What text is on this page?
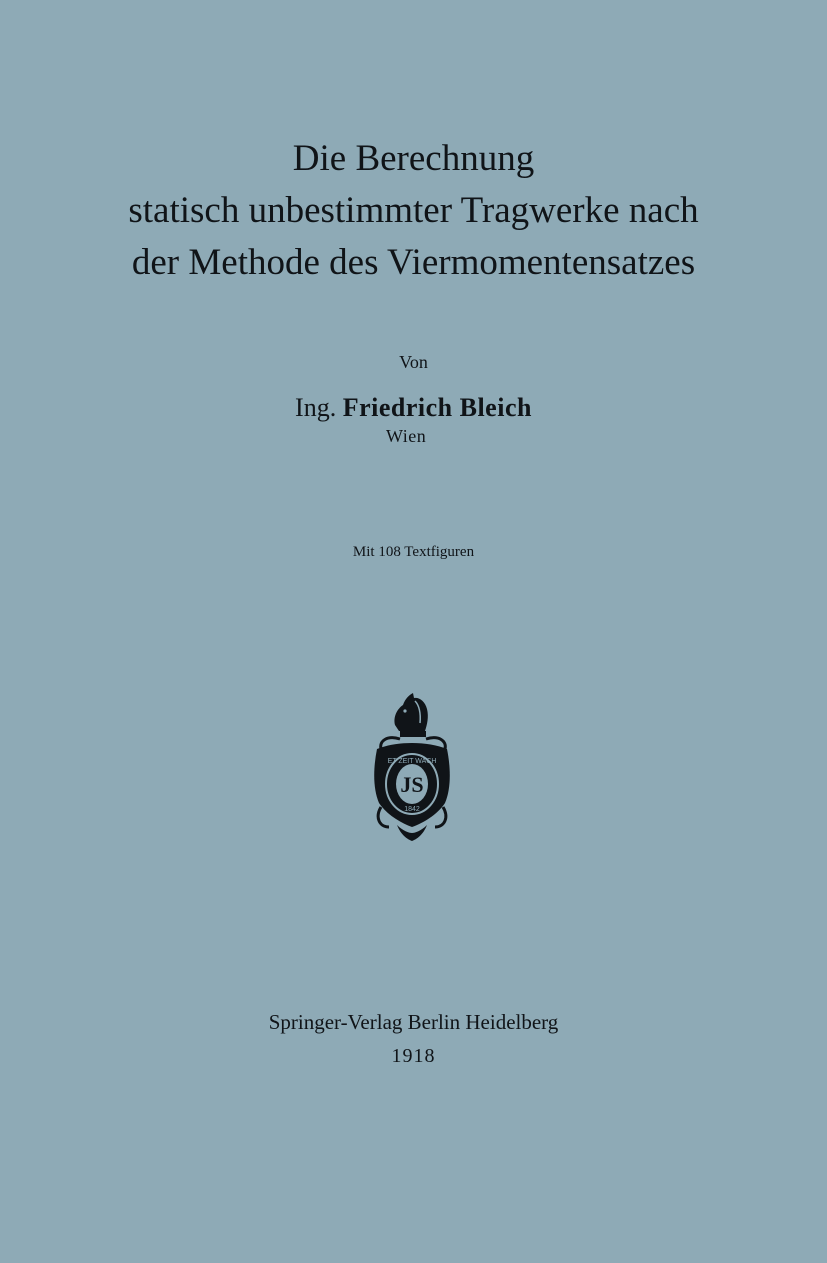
Die Berechnung
statisch unbestimmter Tragwerke nach
der Methode des Viermomentensatzes
Von
Ing. Friedrich Bleich
Wien
Mit 108 Textfiguren
JS
ET ZEIT WACH
1842
Springer-Verlag Berlin Heidelberg
1918
